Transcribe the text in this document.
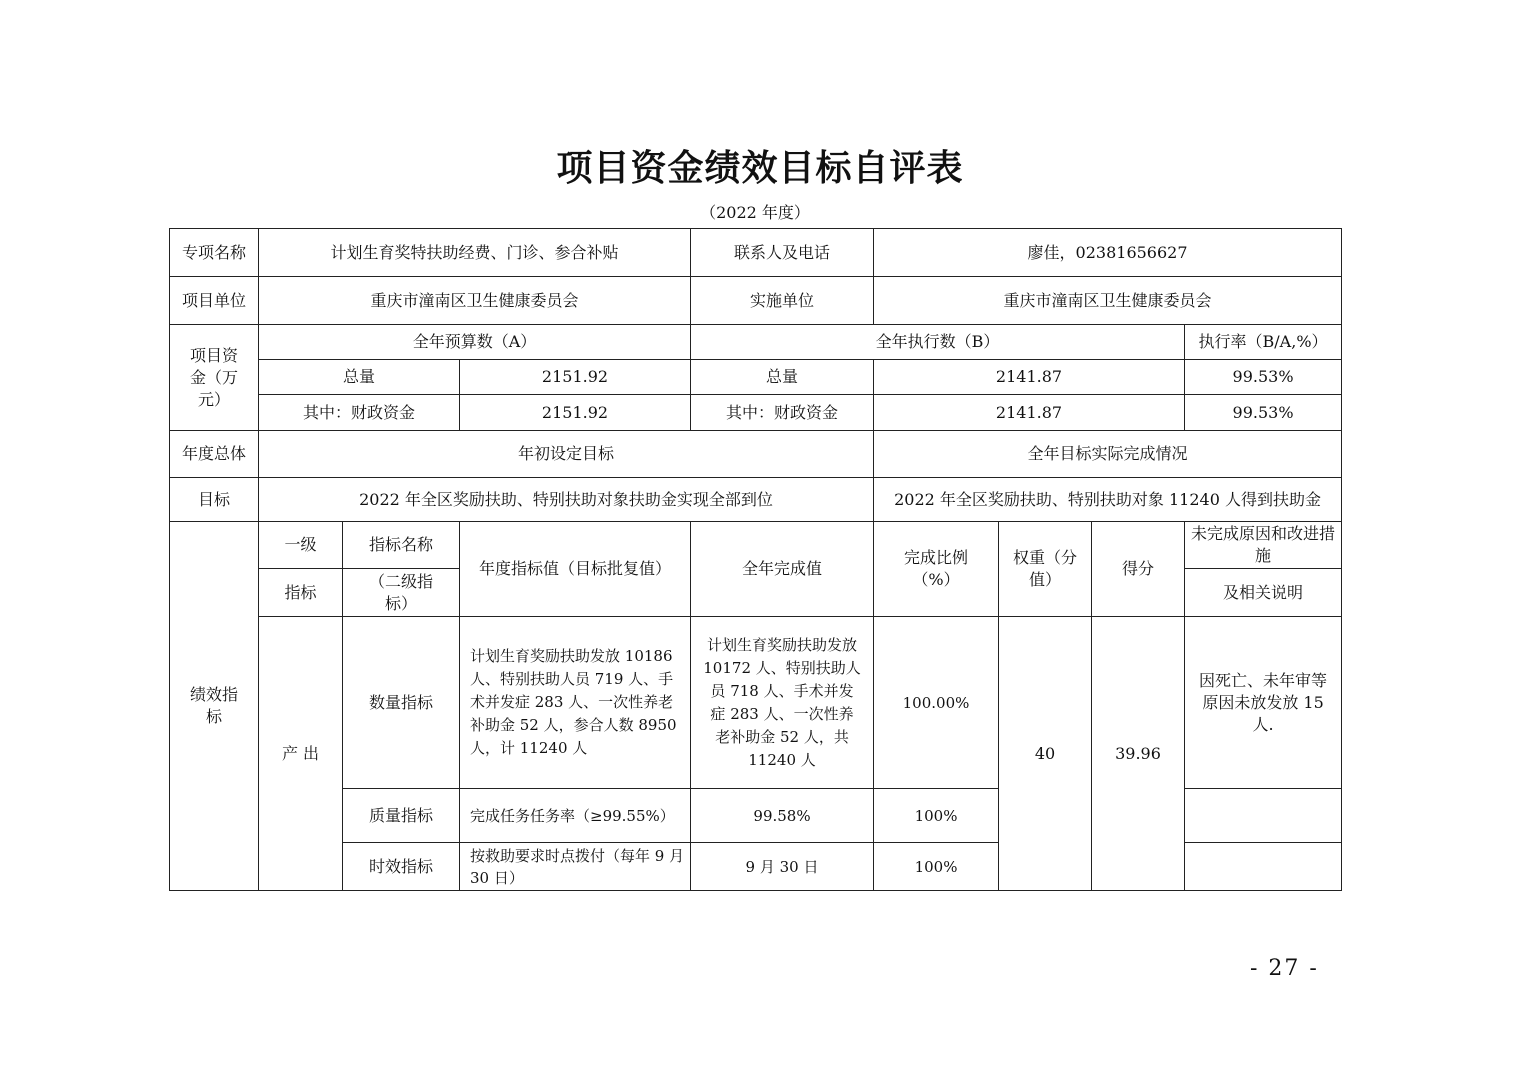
项目资金绩效目标自评表
（2022 年度）
专项名称	计划生育奖特扶助经费、门诊、参合补贴			联系人及电话	廖佳，02381656627			
项目单位	重庆市潼南区卫生健康委员会			实施单位	重庆市潼南区卫生健康委员会			
项目资金（万元）	全年预算数（A）			全年执行数（B）				执行率（B/A,%）
	总量		2151.92	总量	2141.87			99.53%
	其中：财政资金		2151.92	其中：财政资金	2141.87			99.53%
年度总体	年初设定目标				全年目标实际完成情况			
目标	2022 年全区奖励扶助、特别扶助对象扶助金实现全部到位				2022 年全区奖励扶助、特别扶助对象 11240 人得到扶助金			
绩效指标	一级	指标名称	年度指标值（目标批复值）	全年完成值	完成比例（%）	权重（分值）	得分	未完成原因和改进措施
	指标	（二级指标）						及相关说明
	产 出	数量指标	计划生育奖励扶助发放 10186 人、特别扶助人员 719 人、手术并发症 283 人、一次性养老补助金 52 人，参合人数 8950 人，计 11240 人	计划生育奖励扶助发放 10172 人、特别扶助人员 718 人、手术并发症 283 人、一次性养老补助金 52 人，共 11240 人	100.00%	40	39.96	因死亡、未年审等原因未放发放 15 人.
		质量指标	完成任务任务率（≥99.55%）	99.58%	100%			
		时效指标	按救助要求时点拨付（每年 9 月 30 日）	9 月 30 日	100%			
- 27 -
